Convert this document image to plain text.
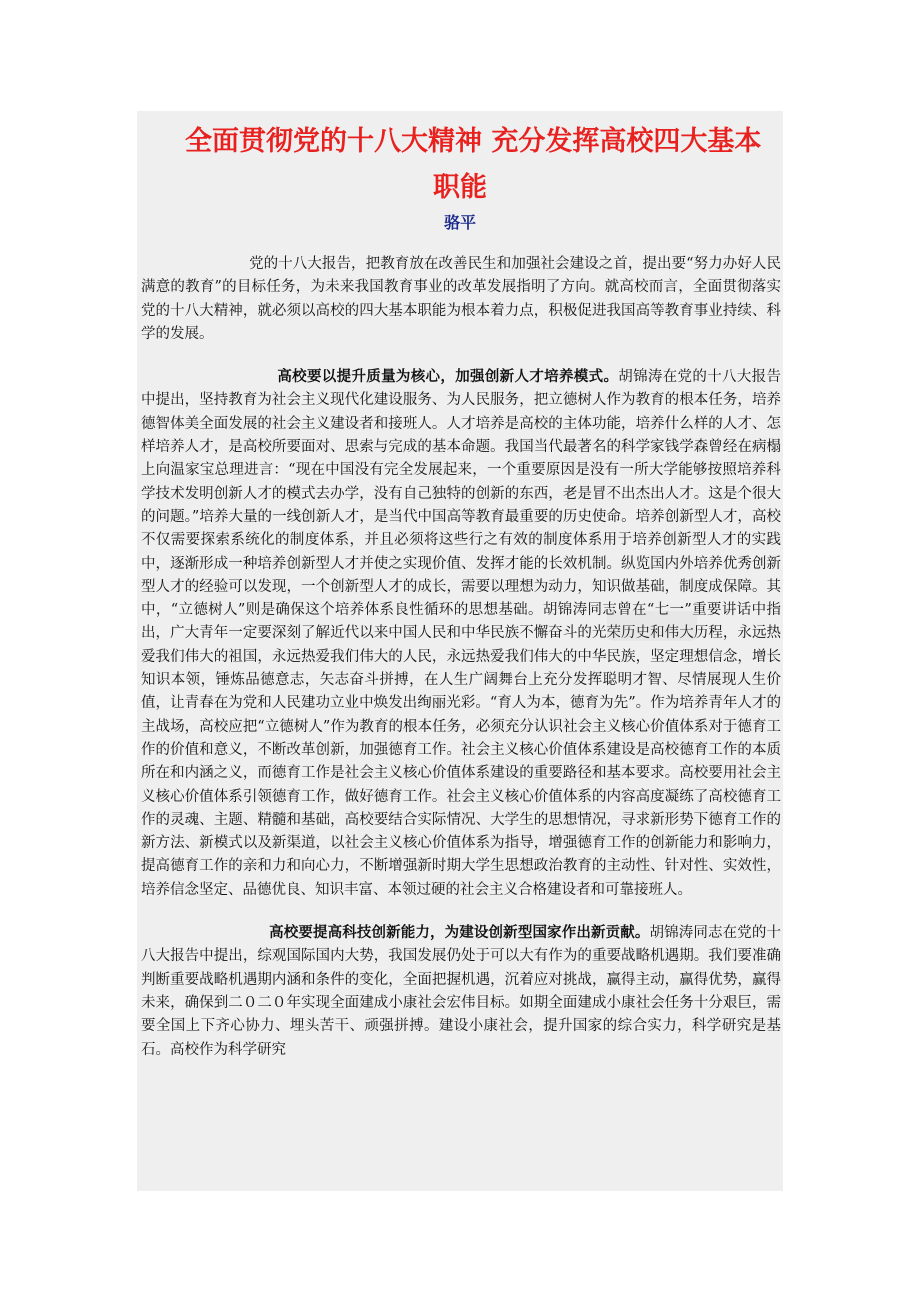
全面贯彻党的十八大精神 充分发挥高校四大基本
职能
骆平

党的十八大报告，把教育放在改善民生和加强社会建设之首，提出要“努力办好人民满意的教育”的目标任务，为未来我国教育事业的改革发展指明了方向。就高校而言，全面贯彻落实党的十八大精神，就必须以高校的四大基本职能为根本着力点，积极促进我国高等教育事业持续、科学的发展。

高校要以提升质量为核心，加强创新人才培养模式。胡锦涛在党的十八大报告中提出，坚持教育为社会主义现代化建设服务、为人民服务，把立德树人作为教育的根本任务，培养德智体美全面发展的社会主义建设者和接班人。人才培养是高校的主体功能，培养什么样的人才、怎样培养人才，是高校所要面对、思索与完成的基本命题。我国当代最著名的科学家钱学森曾经在病榻上向温家宝总理进言：“现在中国没有完全发展起来，一个重要原因是没有一所大学能够按照培养科学技术发明创新人才的模式去办学，没有自己独特的创新的东西，老是冒不出杰出人才。这是个很大的问题。”培养大量的一线创新人才，是当代中国高等教育最重要的历史使命。培养创新型人才，高校不仅需要探索系统化的制度体系，并且必须将这些行之有效的制度体系用于培养创新型人才的实践中，逐渐形成一种培养创新型人才并使之实现价值、发挥才能的长效机制。纵览国内外培养优秀创新型人才的经验可以发现，一个创新型人才的成长，需要以理想为动力，知识做基础，制度成保障。其中，“立德树人”则是确保这个培养体系良性循环的思想基础。胡锦涛同志曾在“七一”重要讲话中指出，广大青年一定要深刻了解近代以来中国人民和中华民族不懈奋斗的光荣历史和伟大历程，永远热爱我们伟大的祖国，永远热爱我们伟大的人民，永远热爱我们伟大的中华民族，坚定理想信念，增长知识本领，锤炼品德意志，矢志奋斗拼搏，在人生广阔舞台上充分发挥聪明才智、尽情展现人生价值，让青春在为党和人民建功立业中焕发出绚丽光彩。“育人为本，德育为先”。作为培养青年人才的主战场，高校应把“立德树人”作为教育的根本任务，必须充分认识社会主义核心价值体系对于德育工作的价值和意义，不断改革创新，加强德育工作。社会主义核心价值体系建设是高校德育工作的本质所在和内涵之义，而德育工作是社会主义核心价值体系建设的重要路径和基本要求。高校要用社会主义核心价值体系引领德育工作，做好德育工作。社会主义核心价值体系的内容高度凝练了高校德育工作的灵魂、主题、精髓和基础，高校要结合实际情况、大学生的思想情况，寻求新形势下德育工作的新方法、新模式以及新渠道，以社会主义核心价值体系为指导，增强德育工作的创新能力和影响力，提高德育工作的亲和力和向心力，不断增强新时期大学生思想政治教育的主动性、针对性、实效性，培养信念坚定、品德优良、知识丰富、本领过硬的社会主义合格建设者和可靠接班人。

高校要提高科技创新能力，为建设创新型国家作出新贡献。胡锦涛同志在党的十八大报告中提出，综观国际国内大势，我国发展仍处于可以大有作为的重要战略机遇期。我们要准确判断重要战略机遇期内涵和条件的变化，全面把握机遇，沉着应对挑战，赢得主动，赢得优势，赢得未来，确保到二０二０年实现全面建成小康社会宏伟目标。如期全面建成小康社会任务十分艰巨，需要全国上下齐心协力、埋头苦干、顽强拼搏。建设小康社会，提升国家的综合实力，科学研究是基石。高校作为科学研究
